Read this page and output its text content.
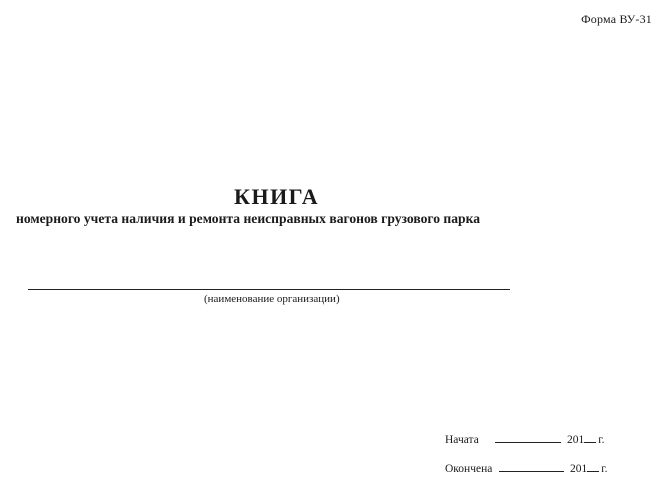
Форма ВУ-31
КНИГА
номерного учета наличия и ремонта неисправных вагонов грузового парка
(наименование организации)
Начата	201 г.
Окончена	201 г.
